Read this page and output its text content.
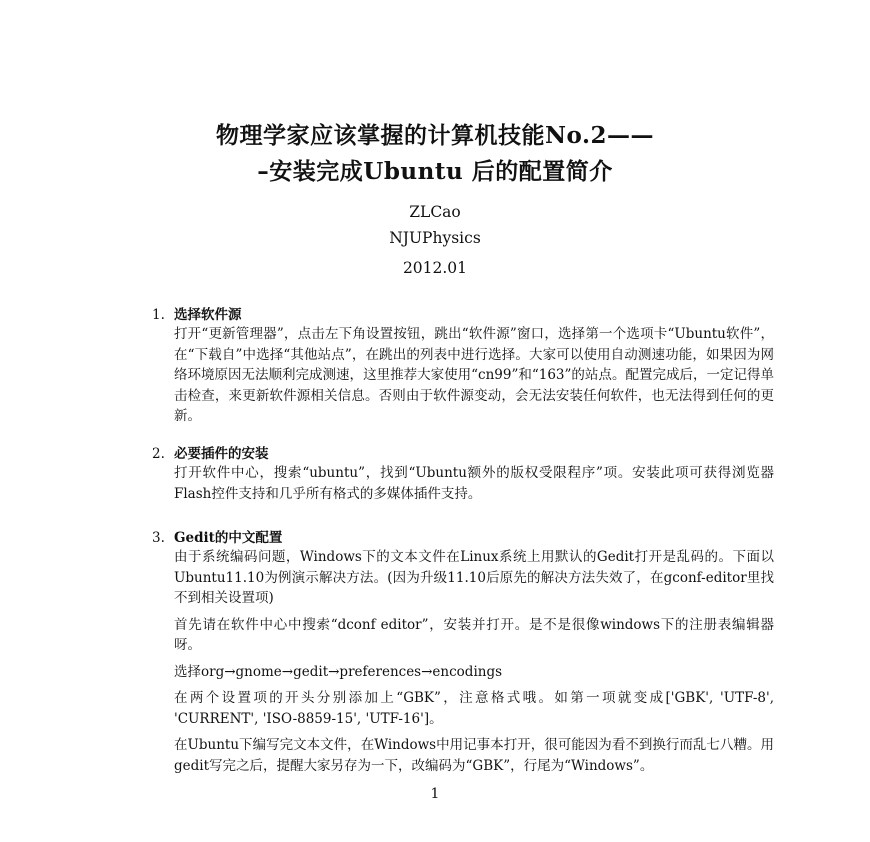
物理学家应该掌握的计算机技能No.2——
–安装完成Ubuntu 后的配置简介
ZLCao
NJUPhysics
2012.01
1. 选择软件源
打开“更新管理器”，点击左下角设置按钮，跳出“软件源”窗口，选择第一个选项卡“Ubuntu软件”，在“下载自”中选择“其他站点”，在跳出的列表中进行选择。大家可以使用自动测速功能，如果因为网络环境原因无法顺利完成测速，这里推荐大家使用“cn99”和“163”的站点。配置完成后，一定记得单击检查，来更新软件源相关信息。否则由于软件源变动，会无法安装任何软件，也无法得到任何的更新。
2. 必要插件的安装
打开软件中心，搜索“ubuntu”，找到“Ubuntu额外的版权受限程序”项。安装此项可获得浏览器Flash控件支持和几乎所有格式的多媒体插件支持。
3. Gedit的中文配置
由于系统编码问题，Windows下的文本文件在Linux系统上用默认的Gedit打开是乱码的。下面以Ubuntu11.10为例演示解决方法。(因为升级11.10后原先的解决方法失效了，在gconf-editor里找不到相关设置项)
首先请在软件中心中搜索“dconf editor”，安装并打开。是不是很像windows下的注册表编辑器呀。
选择org→gnome→gedit→preferences→encodings
在两个设置项的开头分别添加上“GBK”，注意格式哦。如第一项就变成['GBK', 'UTF-8', 'CURRENT', 'ISO-8859-15', 'UTF-16']。
在Ubuntu下编写完文本文件，在Windows中用记事本打开，很可能因为看不到换行而乱七八糟。用gedit写完之后，提醒大家另存为一下，改编码为“GBK”，行尾为“Windows”。
1
